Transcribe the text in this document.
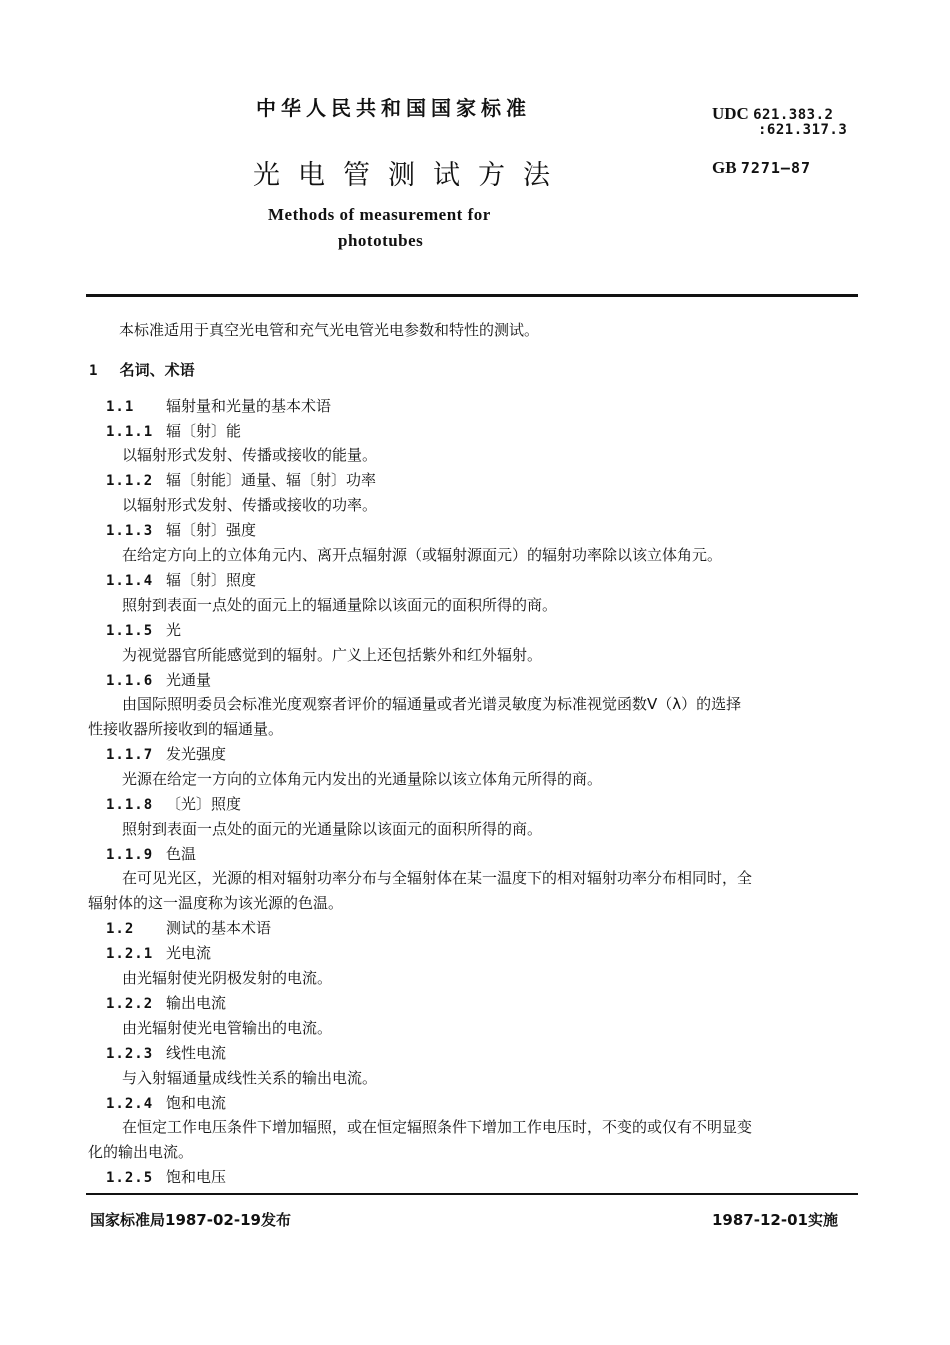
中华人民共和国国家标准	UDC 621.383.2
:621.317.3
光电管测试方法	GB 7271—87
Methods of measurement for
phototubes
本标准适用于真空光电管和充气光电管光电参数和特性的测试。
1 名词、术语
1.1 辐射量和光量的基本术语
1.1.1 辐〔射〕能
以辐射形式发射、传播或接收的能量。
1.1.2 辐〔射能〕通量、辐〔射〕功率
以辐射形式发射、传播或接收的功率。
1.1.3 辐〔射〕强度
在给定方向上的立体角元内、离开点辐射源（或辐射源面元）的辐射功率除以该立体角元。
1.1.4 辐〔射〕照度
照射到表面一点处的面元上的辐通量除以该面元的面积所得的商。
1.1.5 光
为视觉器官所能感觉到的辐射。广义上还包括紫外和红外辐射。
1.1.6 光通量
由国际照明委员会标准光度观察者评价的辐通量或者光谱灵敏度为标准视觉函数V（λ）的选择
性接收器所接收到的辐通量。
1.1.7 发光强度
光源在给定一方向的立体角元内发出的光通量除以该立体角元所得的商。
1.1.8 〔光〕照度
照射到表面一点处的面元的光通量除以该面元的面积所得的商。
1.1.9 色温
在可见光区，光源的相对辐射功率分布与全辐射体在某一温度下的相对辐射功率分布相同时，全
辐射体的这一温度称为该光源的色温。
1.2 测试的基本术语
1.2.1 光电流
由光辐射使光阴极发射的电流。
1.2.2 输出电流
由光辐射使光电管输出的电流。
1.2.3 线性电流
与入射辐通量成线性关系的输出电流。
1.2.4 饱和电流
在恒定工作电压条件下增加辐照，或在恒定辐照条件下增加工作电压时，不变的或仅有不明显变
化的输出电流。
1.2.5 饱和电压
国家标准局1987-02-19发布	1987-12-01实施
